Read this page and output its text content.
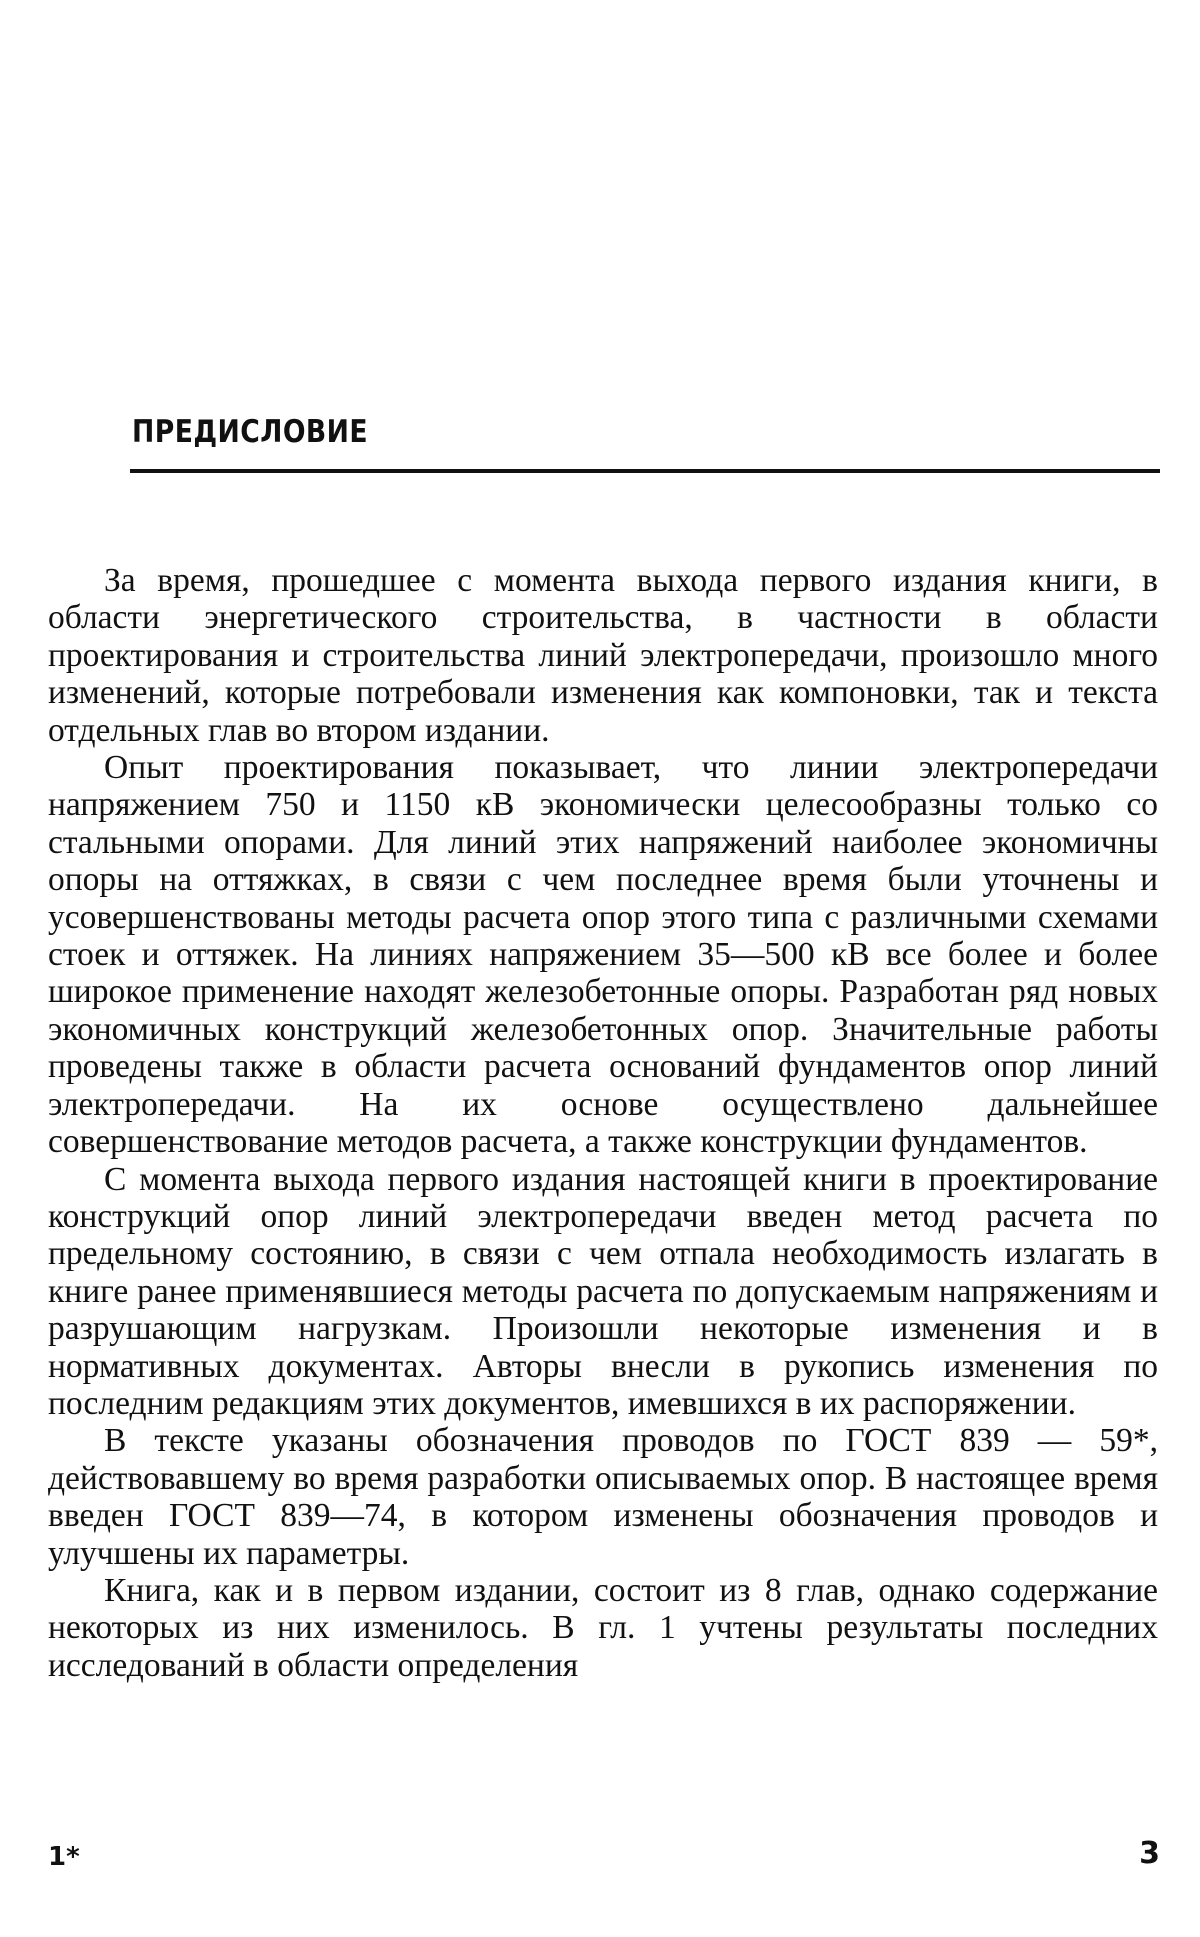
ПРЕДИСЛОВИЕ

За время, прошедшее с момента выхода первого издания книги, в области энергетического строительства, в частности в области проектирования и строительства линий электропередачи, произошло много изменений, которые потребовали изменения как компоновки, так и текста отдельных глав во втором издании.

Опыт проектирования показывает, что линии электропередачи напряжением 750 и 1150 кВ экономически целесообразны только со стальными опорами. Для линий этих напряжений наиболее экономичны опоры на оттяжках, в связи с чем последнее время были уточнены и усовершенствованы методы расчета опор этого типа с различными схемами стоек и оттяжек. На линиях напряжением 35—500 кВ все более и более широкое применение находят железобетонные опоры. Разработан ряд новых экономичных конструкций железобетонных опор. Значительные работы проведены также в области расчета оснований фундаментов опор линий электропередачи. На их основе осуществлено дальнейшее совершенствование методов расчета, а также конструкции фундаментов.

С момента выхода первого издания настоящей книги в проектирование конструкций опор линий электропередачи введен метод расчета по предельному состоянию, в связи с чем отпала необходимость излагать в книге ранее применявшиеся методы расчета по допускаемым напряжениям и разрушающим нагрузкам. Произошли некоторые изменения и в нормативных документах. Авторы внесли в рукопись изменения по последним редакциям этих документов, имевшихся в их распоряжении.

В тексте указаны обозначения проводов по ГОСТ 839 — 59*, действовавшему во время разработки описываемых опор. В настоящее время введен ГОСТ 839—74, в котором изменены обозначения проводов и улучшены их параметры.

Книга, как и в первом издании, состоит из 8 глав, однако содержание некоторых из них изменилось. В гл. 1 учтены результаты последних исследований в области определения

1*	3
